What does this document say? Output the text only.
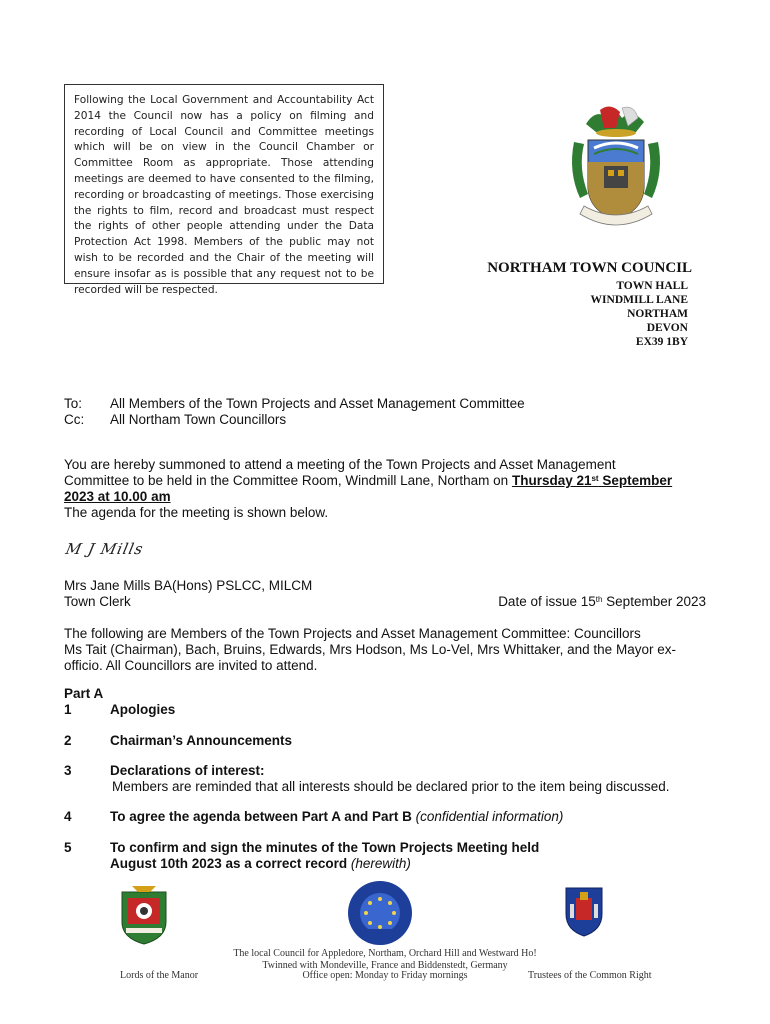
Following the Local Government and Accountability Act 2014 the Council now has a policy on filming and recording of Local Council and Committee meetings which will be on view in the Council Chamber or Committee Room as appropriate. Those attending meetings are deemed to have consented to the filming, recording or broadcasting of meetings. Those exercising the rights to film, record and broadcast must respect the rights of other people attending under the Data Protection Act 1998. Members of the public may not wish to be recorded and the Chair of the meeting will ensure insofar as is possible that any request not to be recorded will be respected.
NORTHAM TOWN COUNCIL
TOWN HALL
WINDMILL LANE
NORTHAM
DEVON
EX39 1BY
To:	All Members of the Town Projects and Asset Management Committee
Cc:	All Northam Town Councillors
You are hereby summoned to attend a meeting of the Town Projects and Asset Management
Committee to be held in the Committee Room, Windmill Lane, Northam on Thursday 21st September
2023 at 10.00 am
The agenda for the meeting is shown below.
M J Mills
Mrs Jane Mills BA(Hons) PSLCC, MILCM
Town Clerk	Date of issue 15th September 2023
The following are Members of the Town Projects and Asset Management Committee: Councillors
Ms Tait (Chairman), Bach, Bruins, Edwards, Mrs Hodson, Ms Lo-Vel, Mrs Whittaker, and the Mayor ex-
officio. All Councillors are invited to attend.
Part A
1	Apologies
2	Chairman’s Announcements
3	Declarations of interest:
Members are reminded that all interests should be declared prior to the item being discussed.
4	To agree the agenda between Part A and Part B (confidential information)
5	To confirm and sign the minutes of the Town Projects Meeting held
August 10th 2023 as a correct record (herewith)
The local Council for Appledore, Northam, Orchard Hill and Westward Ho!
Twinned with Mondeville, France and Biddenstedt, Germany
Office open: Monday to Friday mornings
Lords of the Manor	Trustees of the Common Right
